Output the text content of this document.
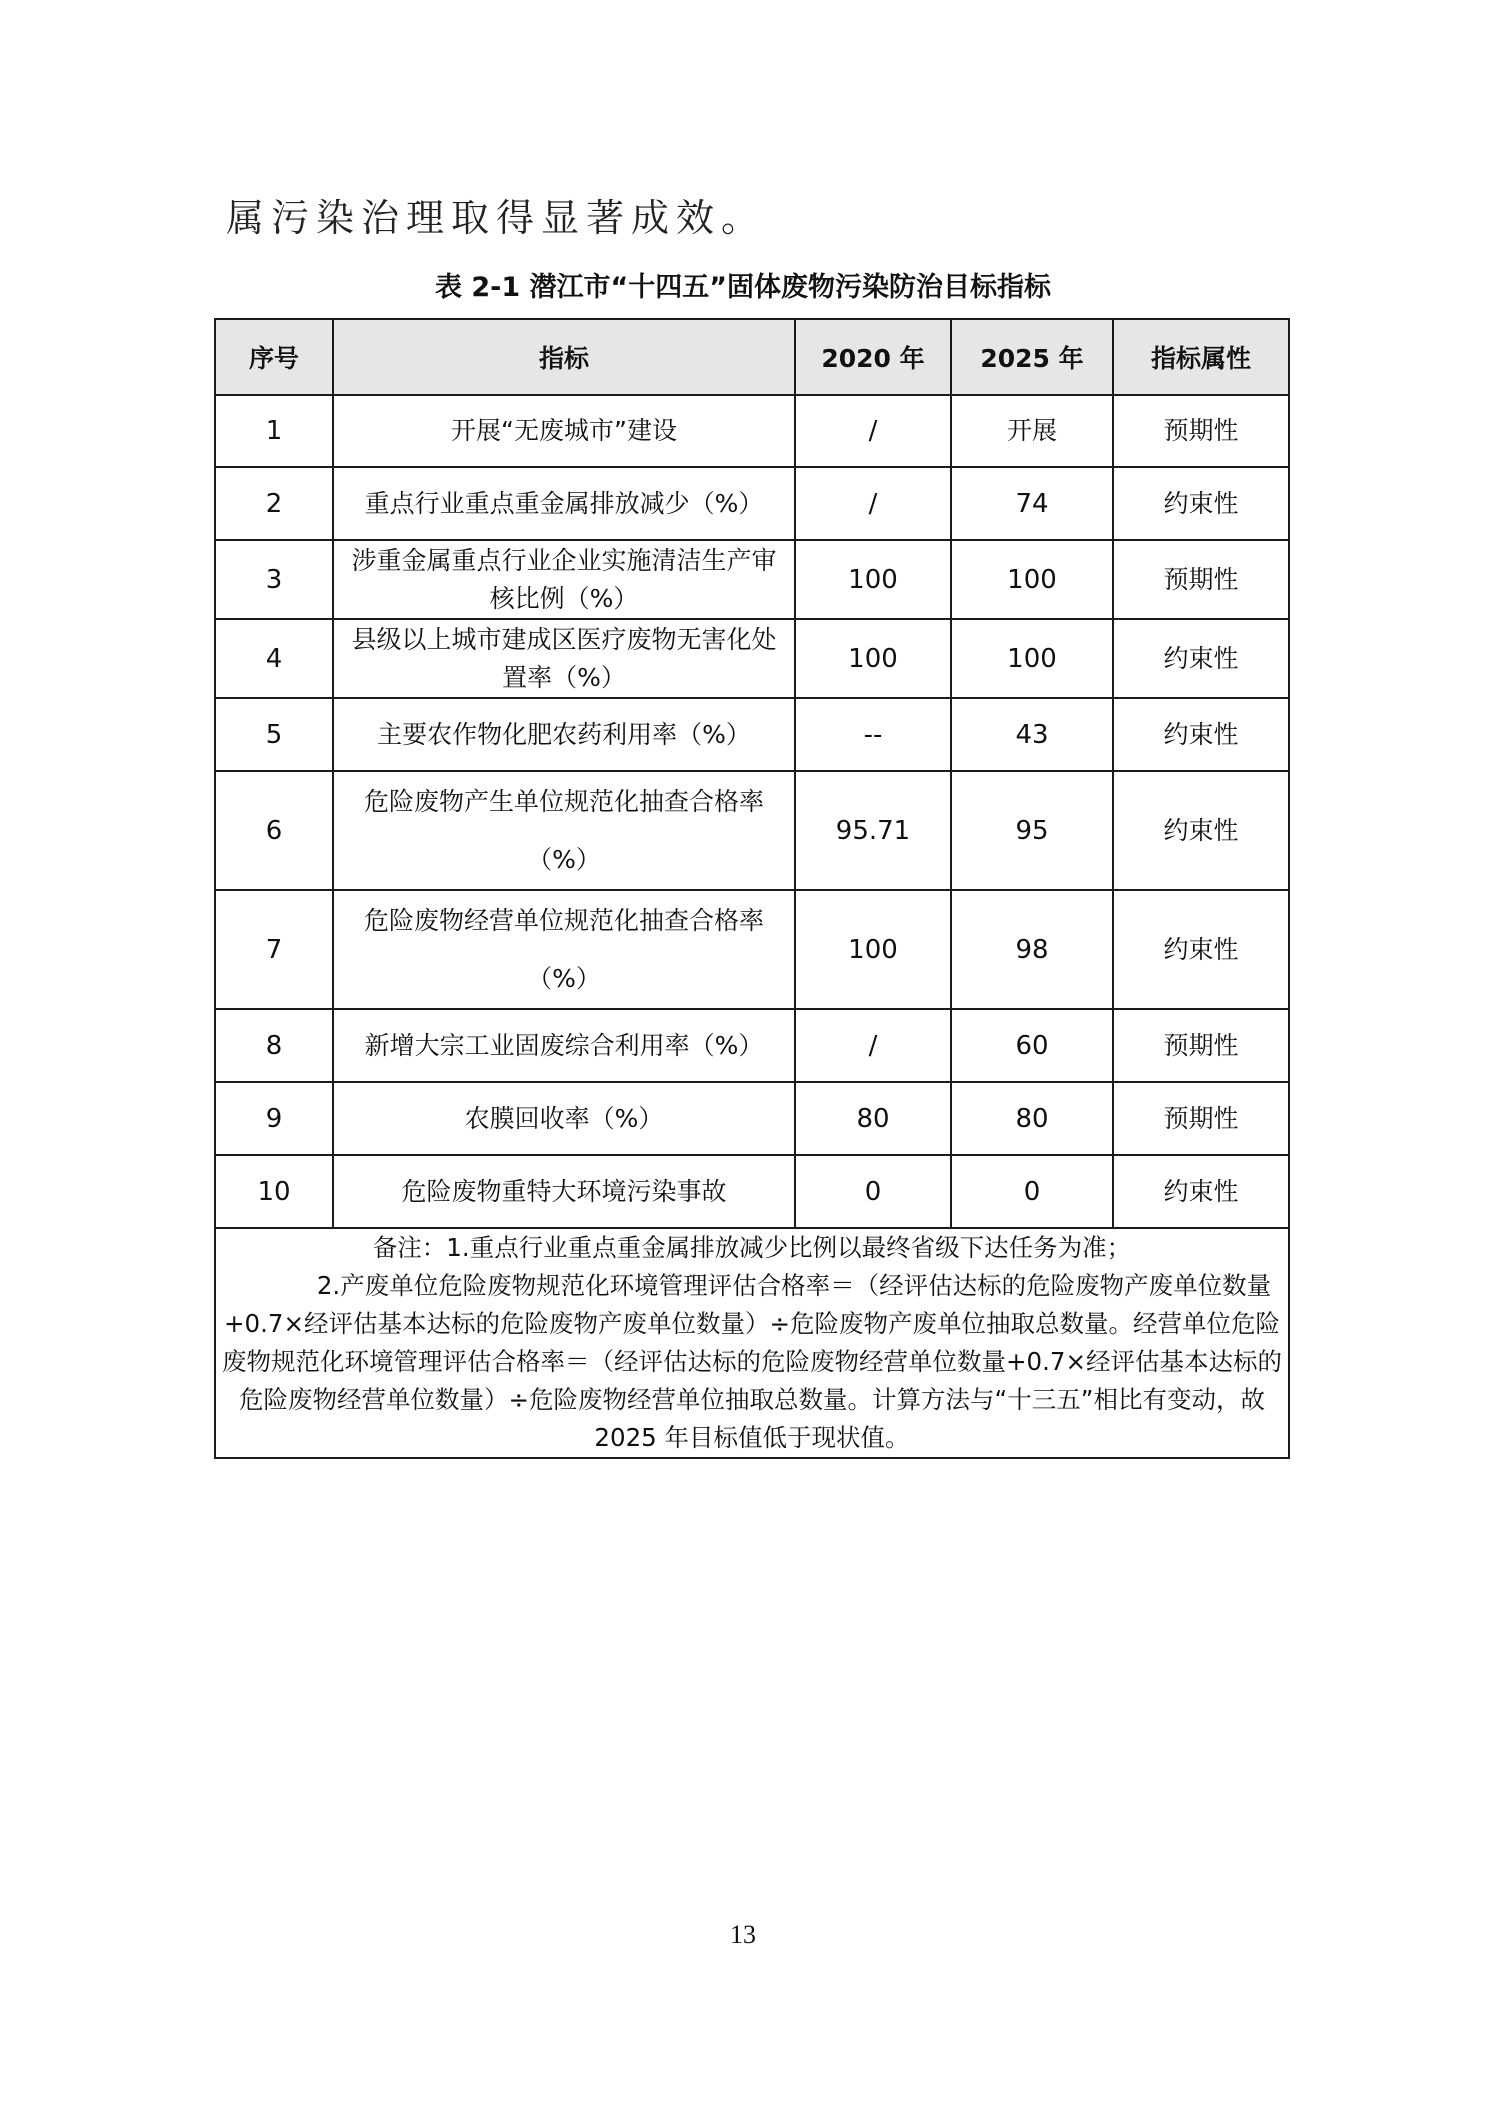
属污染治理取得显著成效。
表 2-1 潜江市“十四五”固体废物污染防治目标指标
序号	指标	2020 年	2025 年	指标属性
1	开展“无废城市”建设	/	开展	预期性
2	重点行业重点重金属排放减少（%）	/	74	约束性
3	涉重金属重点行业企业实施清洁生产审核比例（%）	100	100	预期性
4	县级以上城市建成区医疗废物无害化处置率（%）	100	100	约束性
5	主要农作物化肥农药利用率（%）	--	43	约束性
6	危险废物产生单位规范化抽查合格率（%）	95.71	95	约束性
7	危险废物经营单位规范化抽查合格率（%）	100	98	约束性
8	新增大宗工业固废综合利用率（%）	/	60	预期性
9	农膜回收率（%）	80	80	预期性
10	危险废物重特大环境污染事故	0	0	约束性

备注：1.重点行业重点重金属排放减少比例以最终省级下达任务为准；
2.产废单位危险废物规范化环境管理评估合格率＝（经评估达标的危险废物产废单位数量+0.7×经评估基本达标的危险废物产废单位数量）÷危险废物产废单位抽取总数量。经营单位危险废物规范化环境管理评估合格率＝（经评估达标的危险废物经营单位数量+0.7×经评估基本达标的危险废物经营单位数量）÷危险废物经营单位抽取总数量。计算方法与“十三五”相比有变动，故 2025 年目标值低于现状值。				
13
